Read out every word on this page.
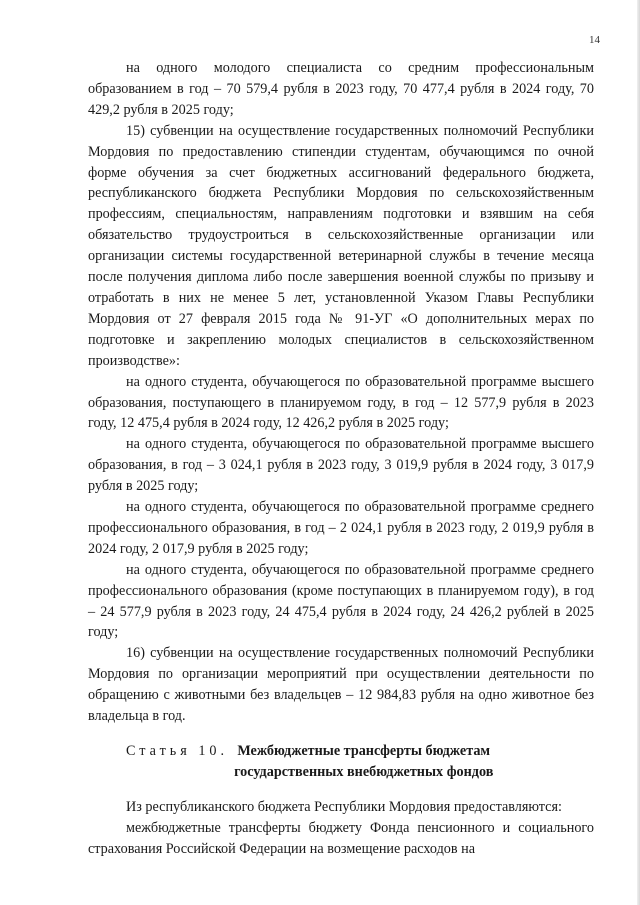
14

на одного молодого специалиста со средним профессиональным образованием в год – 70 579,4 рубля в 2023 году, 70 477,4 рубля в 2024 году, 70 429,2 рубля в 2025 году;

15) субвенции на осуществление государственных полномочий Республики Мордовия по предоставлению стипендии студентам, обучающимся по очной форме обучения за счет бюджетных ассигнований федерального бюджета, республиканского бюджета Республики Мордовия по сельскохозяйственным профессиям, специальностям, направлениям подготовки и взявшим на себя обязательство трудоустроиться в сельскохозяйственные организации или организации системы государственной ветеринарной службы в течение месяца после получения диплома либо после завершения военной службы по призыву и отработать в них не менее 5 лет, установленной Указом Главы Республики Мордовия от 27 февраля 2015 года № 91-УГ «О дополнительных мерах по подготовке и закреплению молодых специалистов в сельскохозяйственном производстве»:

на одного студента, обучающегося по образовательной программе высшего образования, поступающего в планируемом году, в год – 12 577,9 рубля в 2023 году, 12 475,4 рубля в 2024 году, 12 426,2 рубля в 2025 году;

на одного студента, обучающегося по образовательной программе высшего образования, в год – 3 024,1 рубля в 2023 году, 3 019,9 рубля в 2024 году, 3 017,9 рубля в 2025 году;

на одного студента, обучающегося по образовательной программе среднего профессионального образования, в год – 2 024,1 рубля в 2023 году, 2 019,9 рубля в 2024 году, 2 017,9 рубля в 2025 году;

на одного студента, обучающегося по образовательной программе среднего профессионального образования (кроме поступающих в планируемом году), в год – 24 577,9 рубля в 2023 году, 24 475,4 рубля в 2024 году, 24 426,2 рублей в 2025 году;

16) субвенции на осуществление государственных полномочий Республики Мордовия по организации мероприятий при осуществлении деятельности по обращению с животными без владельцев – 12 984,83 рубля на одно животное без владельца в год.

Статья 10. Межбюджетные трансферты бюджетам
государственных внебюджетных фондов

Из республиканского бюджета Республики Мордовия предоставляются:

межбюджетные трансферты бюджету Фонда пенсионного и социального страхования Российской Федерации на возмещение расходов на
